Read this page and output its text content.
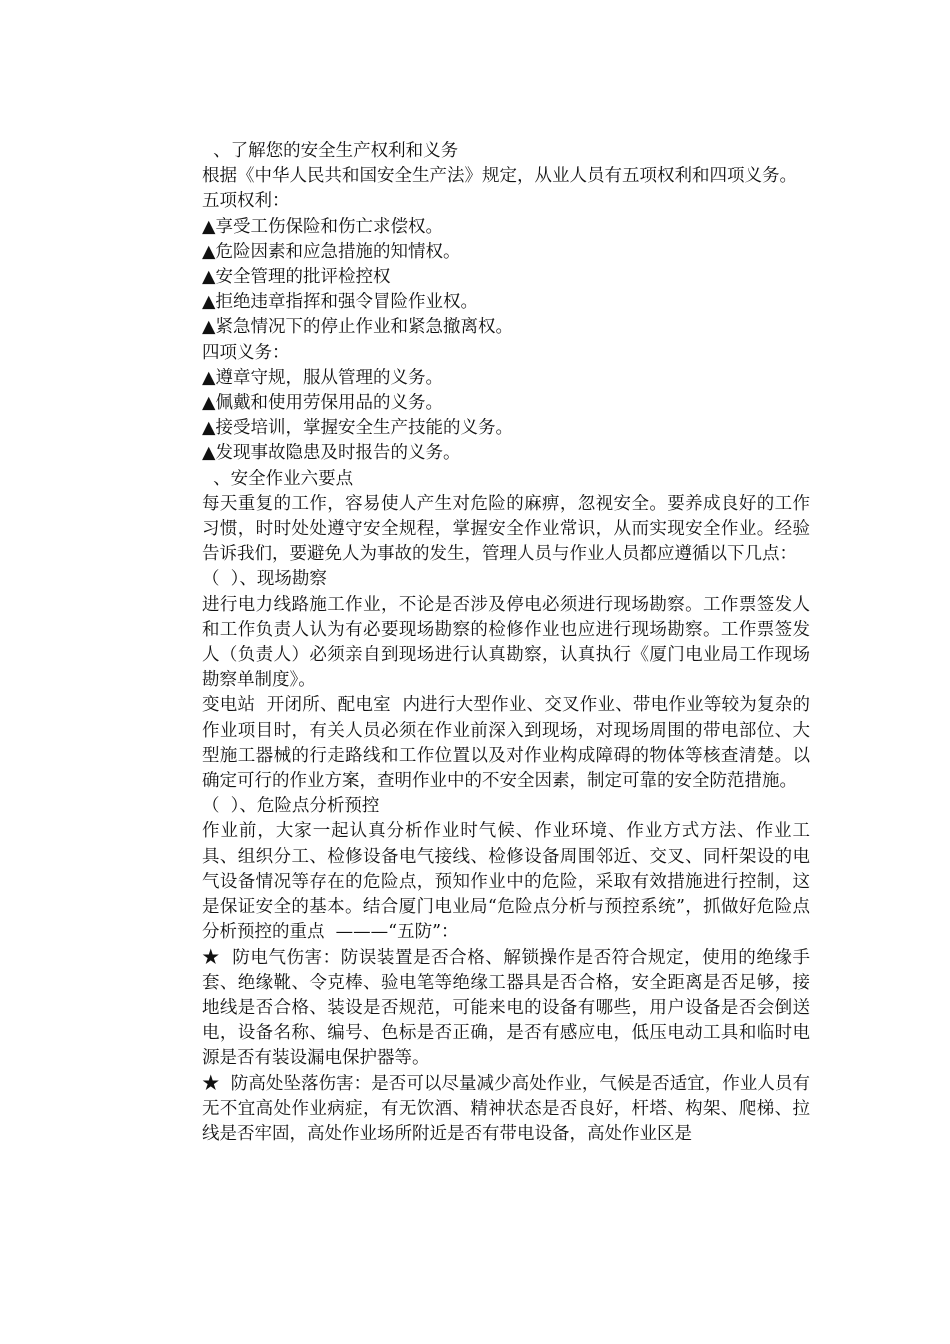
、了解您的安全生产权利和义务

根据《中华人民共和国安全生产法》规定，从业人员有五项权利和四项义务。

五项权利：

▲享受工伤保险和伤亡求偿权。

▲危险因素和应急措施的知情权。

▲安全管理的批评检控权

▲拒绝违章指挥和强令冒险作业权。

▲紧急情况下的停止作业和紧急撤离权。

四项义务：

▲遵章守规，服从管理的义务。

▲佩戴和使用劳保用品的义务。

▲接受培训，掌握安全生产技能的义务。

▲发现事故隐患及时报告的义务。

、安全作业六要点

每天重复的工作，容易使人产生对危险的麻痹，忽视安全。要养成良好的工作习惯，时时处处遵守安全规程，掌握安全作业常识，从而实现安全作业。经验告诉我们，要避免人为事故的发生，管理人员与作业人员都应遵循以下几点：

（  ）、现场勘察

进行电力线路施工作业，不论是否涉及停电必须进行现场勘察。工作票签发人和工作负责人认为有必要现场勘察的检修作业也应进行现场勘察。工作票签发人（负责人）必须亲自到现场进行认真勘察，认真执行《厦门电业局工作现场勘察单制度》。

变电站  开闭所、配电室  内进行大型作业、交叉作业、带电作业等较为复杂的作业项目时，有关人员必须在作业前深入到现场，对现场周围的带电部位、大型施工器械的行走路线和工作位置以及对作业构成障碍的物体等核查清楚。以确定可行的作业方案，查明作业中的不安全因素，制定可靠的安全防范措施。

（  ）、危险点分析预控

作业前，大家一起认真分析作业时气候、作业环境、作业方式方法、作业工具、组织分工、检修设备电气接线、检修设备周围邻近、交叉、同杆架设的电气设备情况等存在的危险点，预知作业中的危险，采取有效措施进行控制，这是保证安全的基本。结合厦门电业局“危险点分析与预控系统”，抓做好危险点分析预控的重点  ———“五防”：

★  防电气伤害：防误装置是否合格、解锁操作是否符合规定，使用的绝缘手套、绝缘靴、令克棒、验电笔等绝缘工器具是否合格，安全距离是否足够，接地线是否合格、装设是否规范，可能来电的设备有哪些，用户设备是否会倒送电，设备名称、编号、色标是否正确，是否有感应电，低压电动工具和临时电源是否有装设漏电保护器等。

★  防高处坠落伤害：是否可以尽量减少高处作业，气候是否适宜，作业人员有无不宜高处作业病症，有无饮酒、精神状态是否良好，杆塔、构架、爬梯、拉线是否牢固，高处作业场所附近是否有带电设备，高处作业区是
